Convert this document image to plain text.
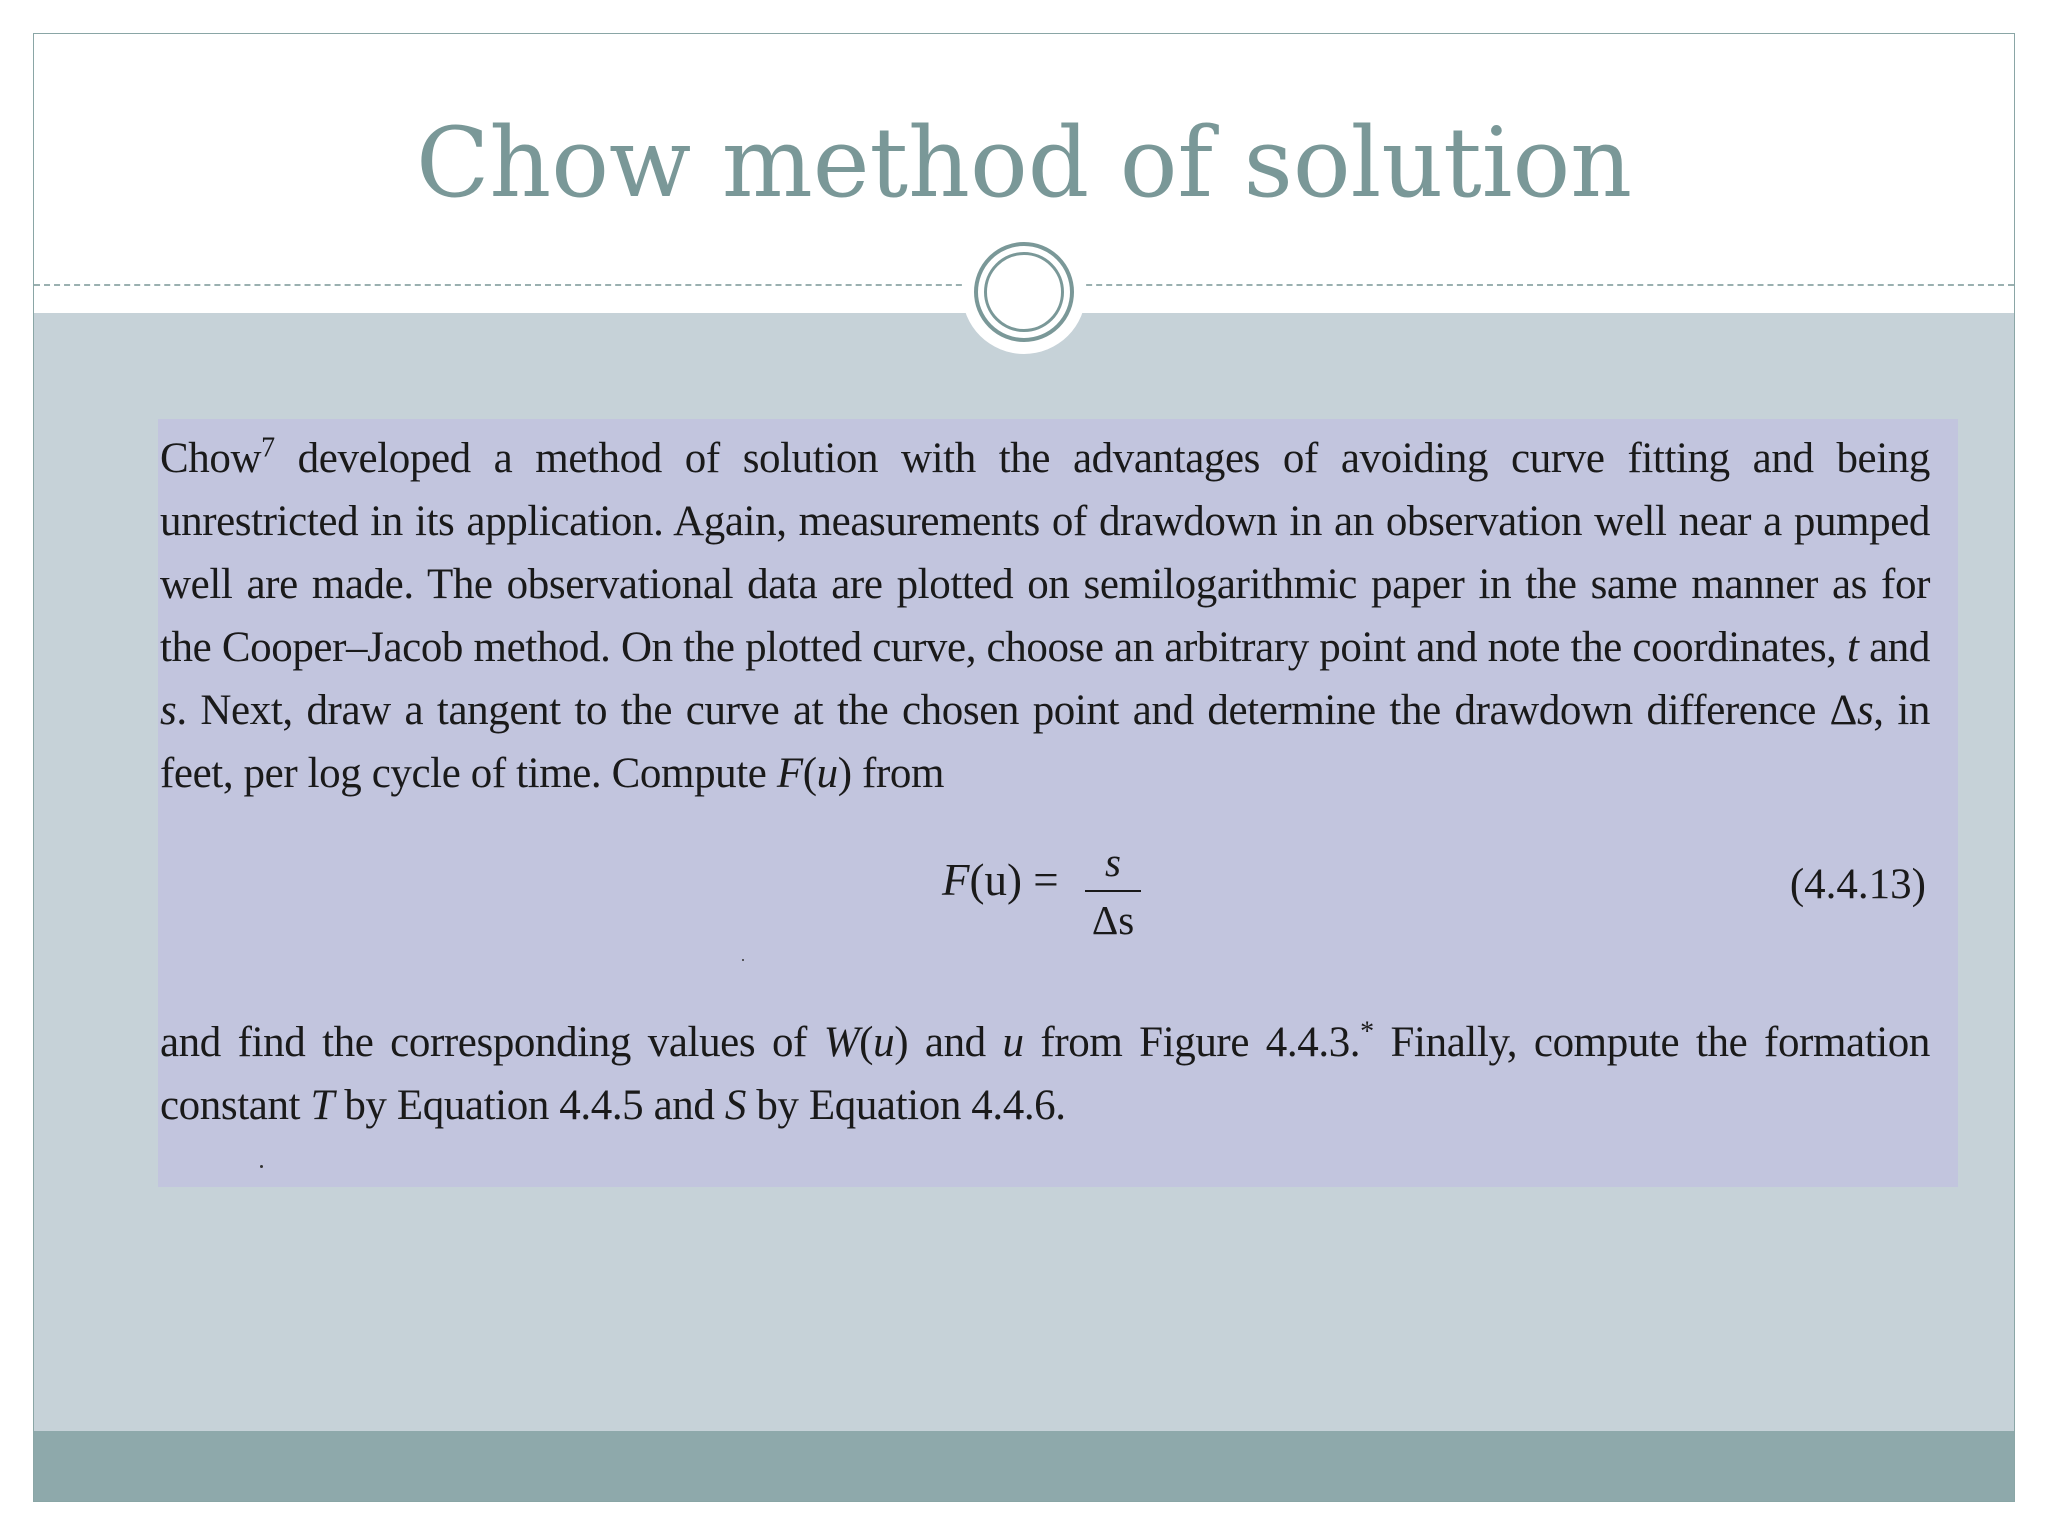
Chow method of solution
Chow$^7$ developed a method of solution with the advantages of avoiding curve fitting and being unrestricted in its application. Again, measurements of drawdown in an observation well near a pumped well are made. The observational data are plotted on semilogarithmic paper in the same manner as for the Cooper–Jacob method. On the plotted curve, choose an arbitrary point and note the coordinates, t and s. Next, draw a tangent to the curve at the chosen point and determine the drawdown difference Δs, in feet, per log cycle of time. Compute F(u) from
F(u) =	s
Δs
(4.4.13)
and find the corresponding values of W(u) and u from Figure 4.4.3.* Finally, compute the formation constant T by Equation 4.4.5 and S by Equation 4.4.6.
